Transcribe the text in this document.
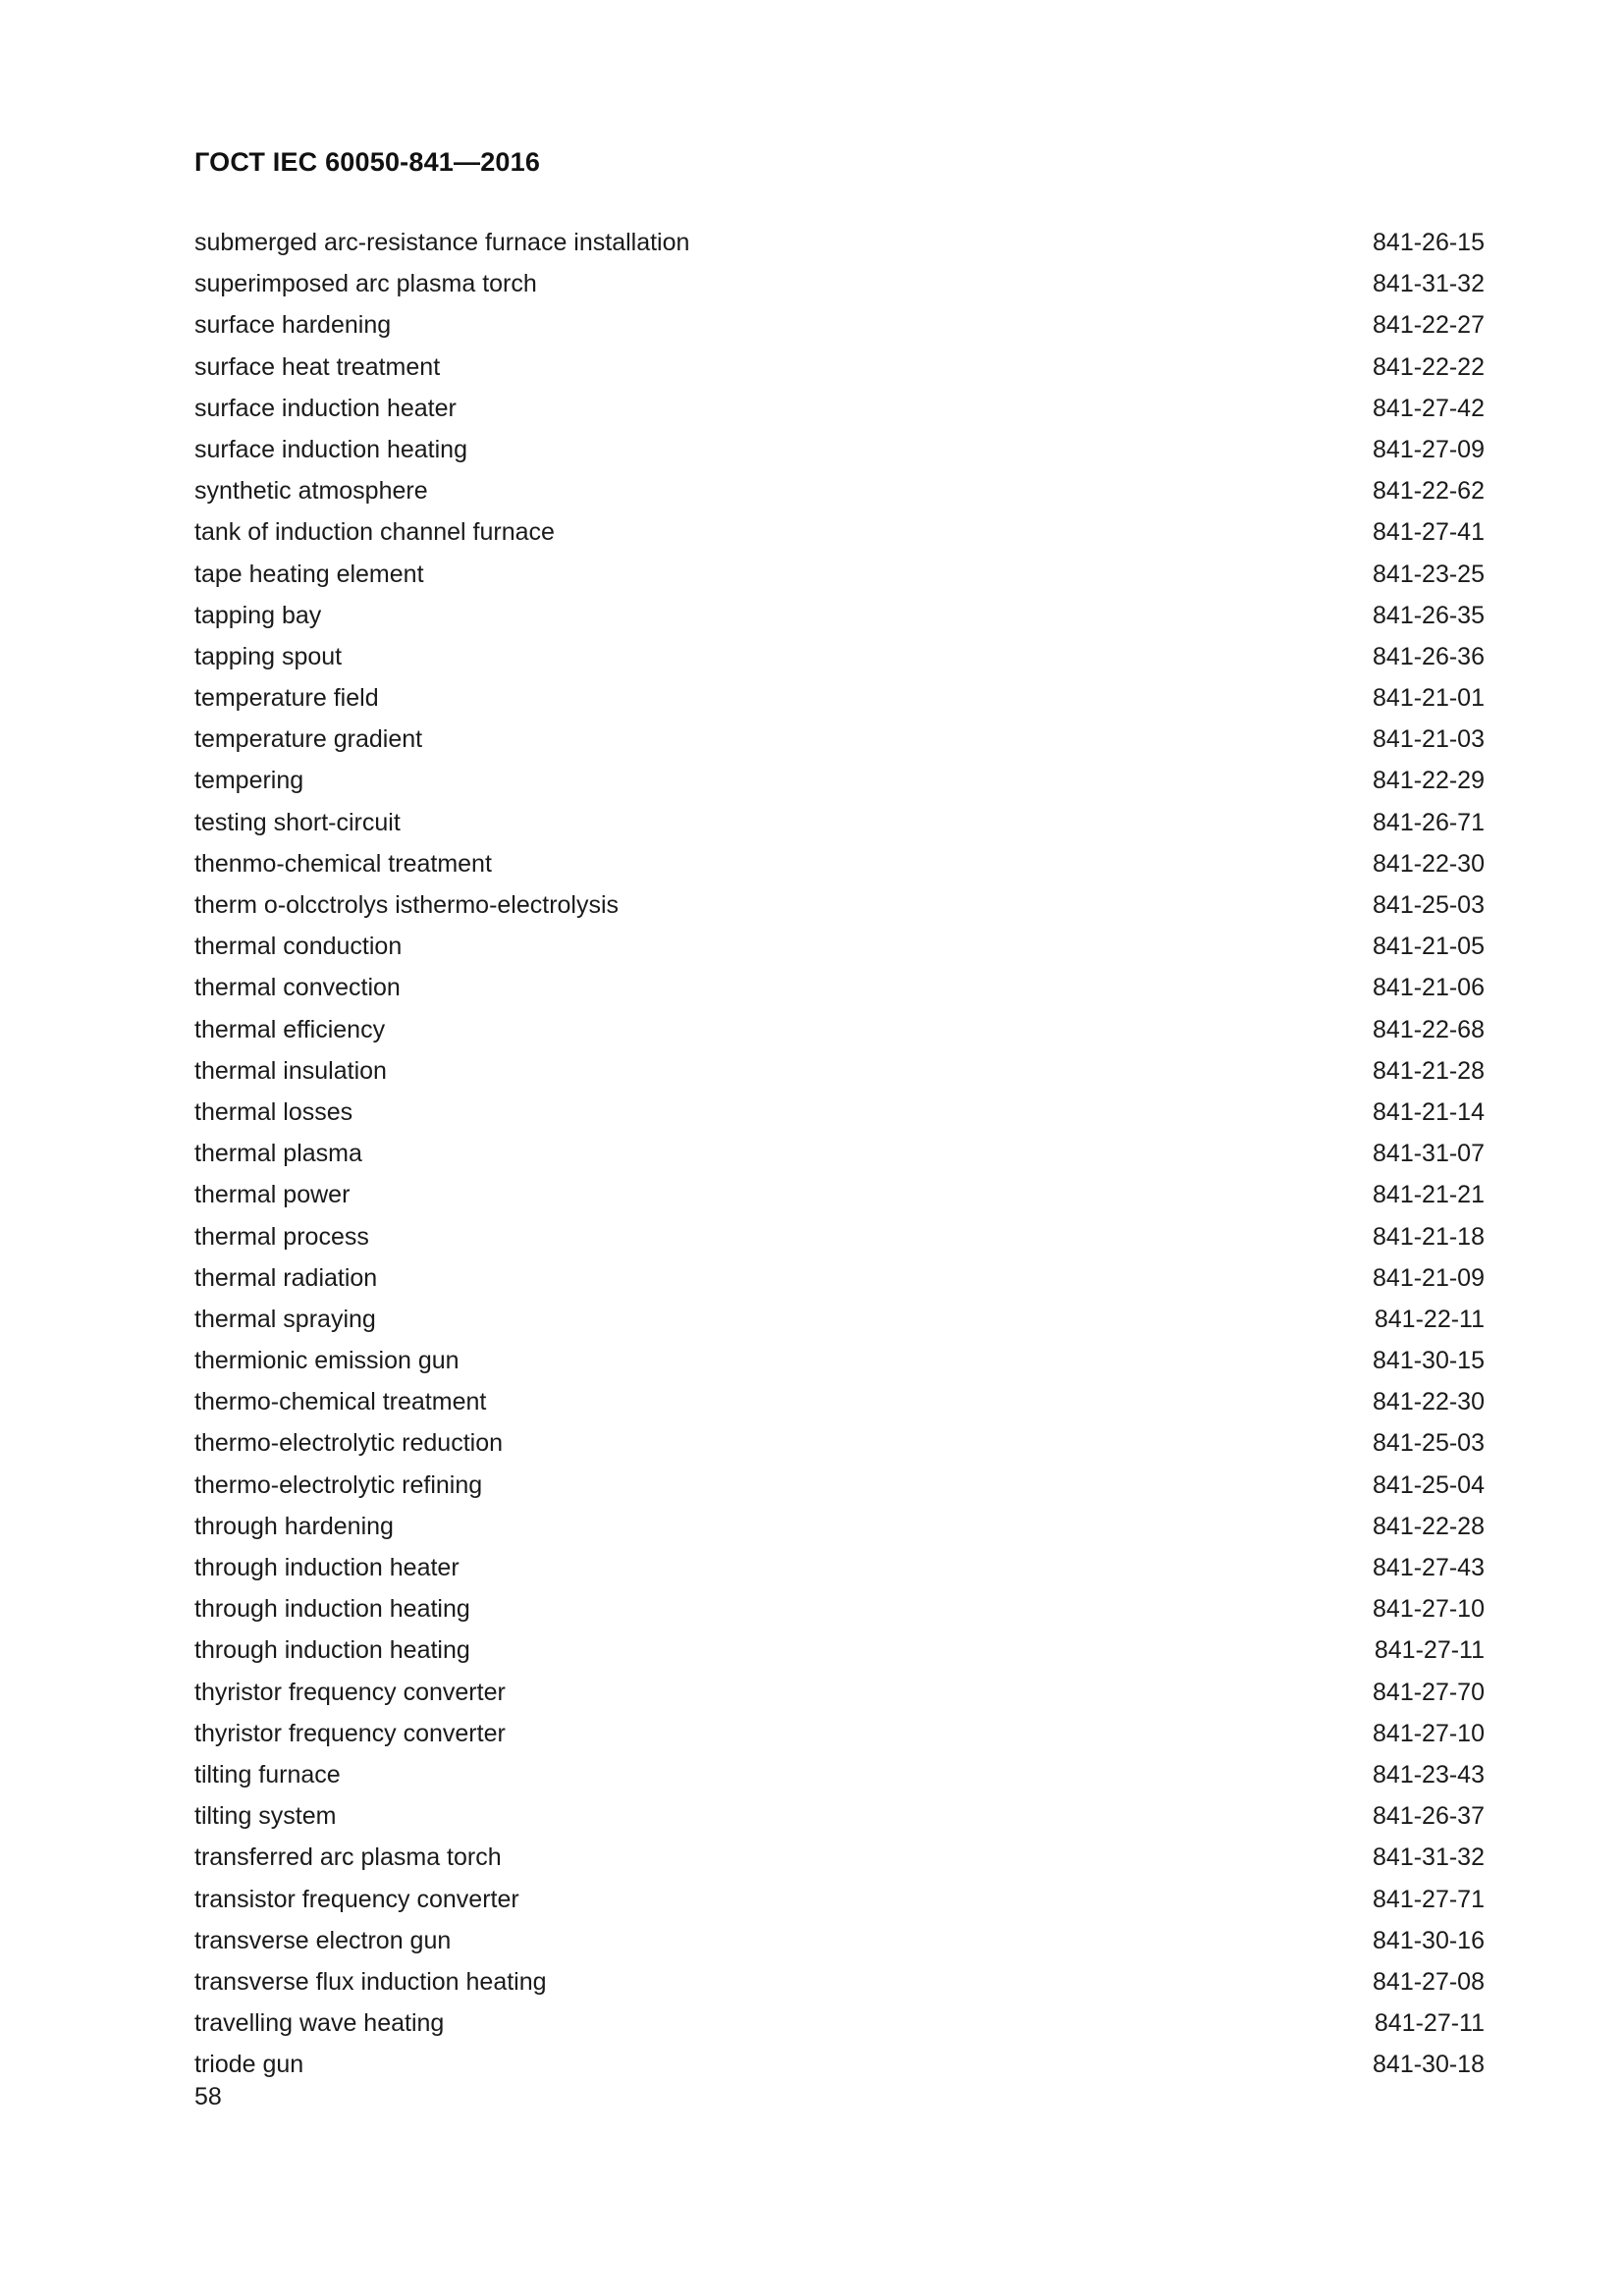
ГОСТ IEC 60050-841—2016
submerged arc-resistance furnace installation	841-26-15
superimposed arc plasma torch	841-31-32
surface hardening	841-22-27
surface heat treatment	841-22-22
surface induction heater	841-27-42
surface induction heating	841-27-09
synthetic atmosphere	841-22-62
tank of induction channel furnace	841-27-41
tape heating element	841-23-25
tapping bay	841-26-35
tapping spout	841-26-36
temperature field	841-21-01
temperature gradient	841-21-03
tempering	841-22-29
testing short-circuit	841-26-71
thenmo-chemical treatment	841-22-30
therm o-olcctrolys isthermo-electrolysis	841-25-03
thermal conduction	841-21-05
thermal convection	841-21-06
thermal efficiency	841-22-68
thermal insulation	841-21-28
thermal losses	841-21-14
thermal plasma	841-31-07
thermal power	841-21-21
thermal process	841-21-18
thermal radiation	841-21-09
thermal spraying	841-22-11
thermionic emission gun	841-30-15
thermo-chemical treatment	841-22-30
thermo-electrolytic reduction	841-25-03
thermo-electrolytic refining	841-25-04
through hardening	841-22-28
through induction heater	841-27-43
through induction heating	841-27-10
through induction heating	841-27-11
thyristor frequency converter	841-27-70
thyristor frequency converter	841-27-10
tilting furnace	841-23-43
tilting system	841-26-37
transferred arc plasma torch	841-31-32
transistor frequency converter	841-27-71
transverse electron gun	841-30-16
transverse flux induction heating	841-27-08
travelling wave heating	841-27-11
triode gun	841-30-18
58
